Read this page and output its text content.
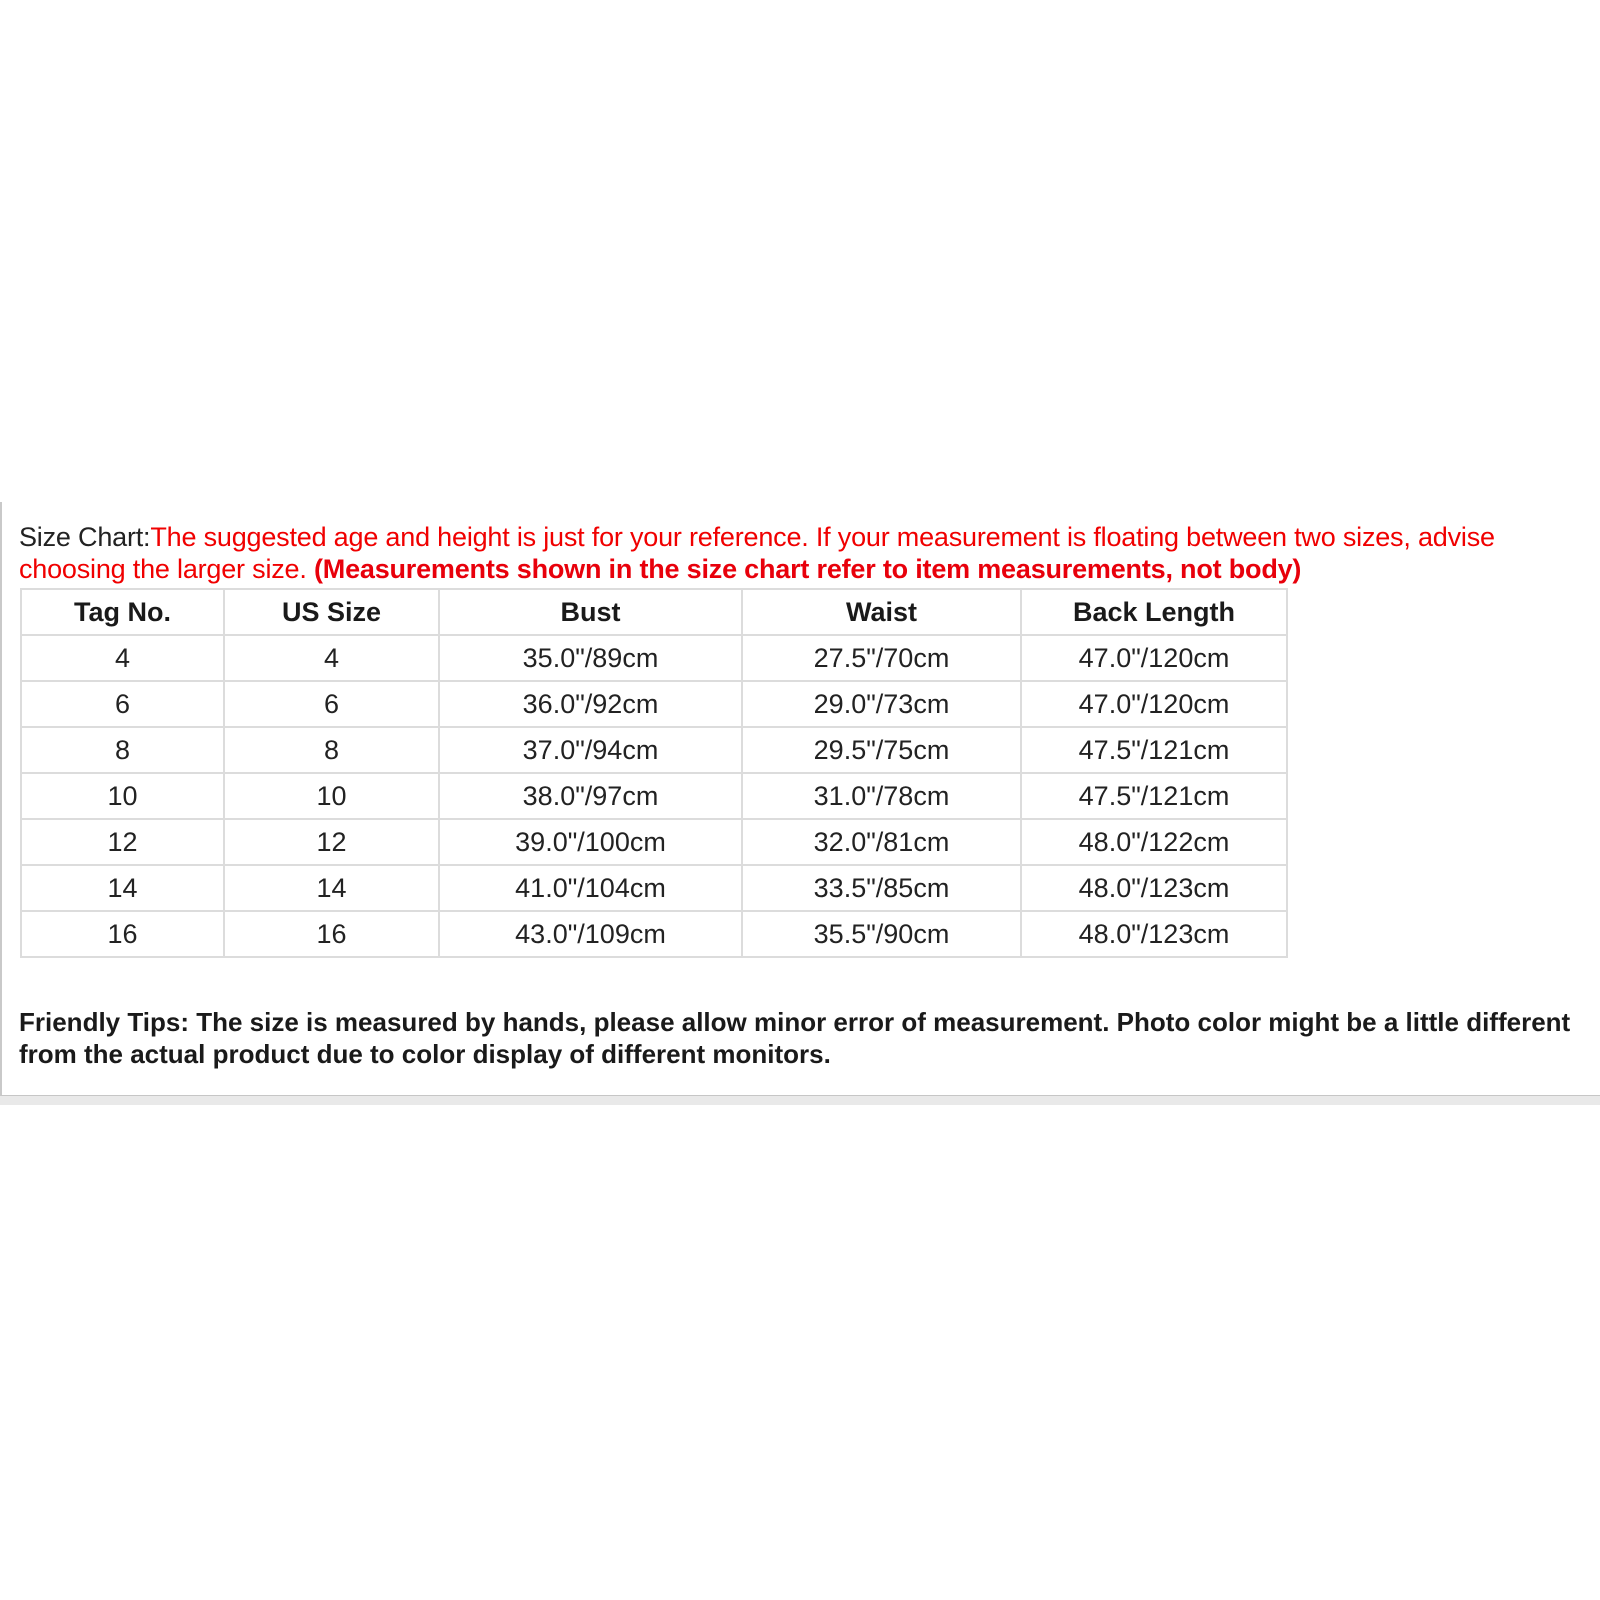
Size Chart:The suggested age and height is just for your reference. If your measurement is floating between two sizes, advise choosing the larger size. (Measurements shown in the size chart refer to item measurements, not body)
Tag No.	US Size	Bust	Waist	Back Length
4	4	35.0"/89cm	27.5"/70cm	47.0"/120cm
6	6	36.0"/92cm	29.0"/73cm	47.0"/120cm
8	8	37.0"/94cm	29.5"/75cm	47.5"/121cm
10	10	38.0"/97cm	31.0"/78cm	47.5"/121cm
12	12	39.0"/100cm	32.0"/81cm	48.0"/122cm
14	14	41.0"/104cm	33.5"/85cm	48.0"/123cm
16	16	43.0"/109cm	35.5"/90cm	48.0"/123cm
Friendly Tips: The size is measured by hands, please allow minor error of measurement. Photo color might be a little different from the actual product due to color display of different monitors.
